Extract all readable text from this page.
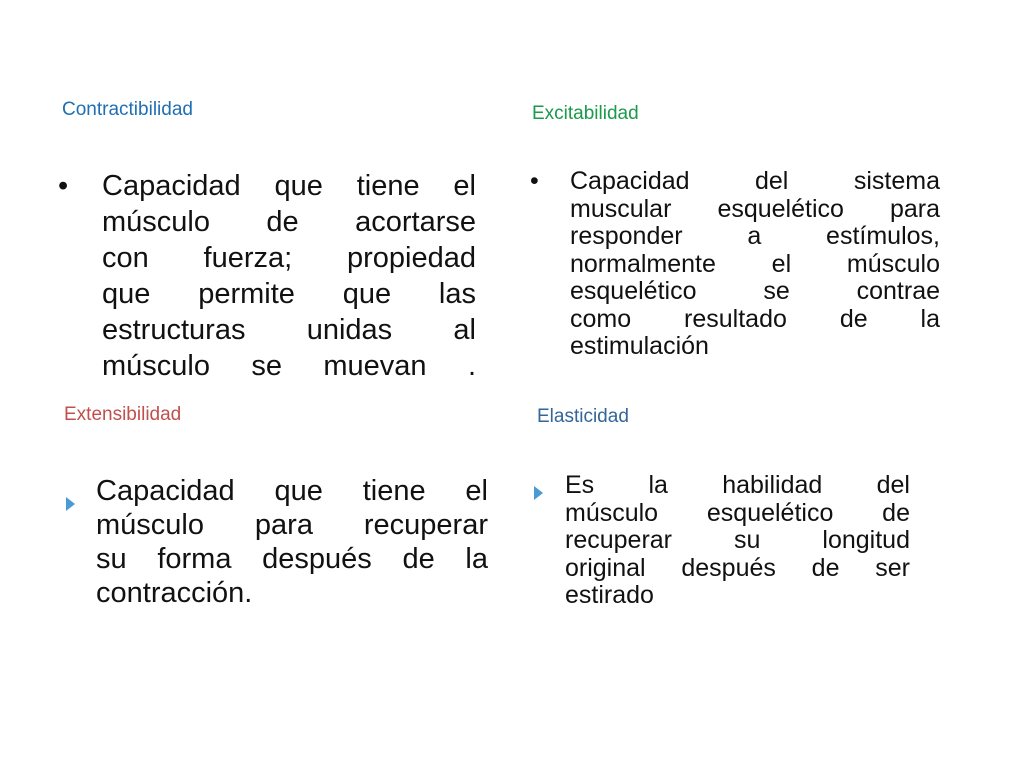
Contractibilidad	Excitabilidad
Extensibilidad	Elasticidad
• Capacidad que tiene el
músculo de acortarse
con fuerza; propiedad
que permite que las
estructuras unidas al
músculo se muevan .
• Capacidad	del	sistema
muscular esquelético para
responder	a	estímulos,
normalmente el músculo
esquelético	se	contrae
como resultado de la
estimulación
Capacidad que tiene el
músculo para recuperar
su forma después de la
contracción.
Es la habilidad del
músculo esquelético de
recuperar su longitud
original después de ser
estirado
